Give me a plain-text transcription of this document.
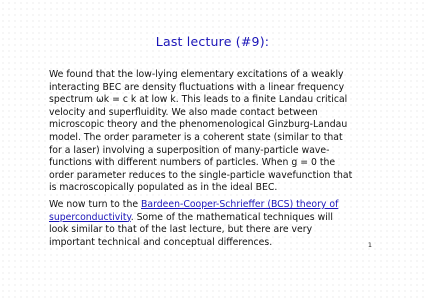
Last lecture (#9):

We found that the low-lying elementary excitations of a weakly
interacting BEC are density fluctuations with a linear frequency
spectrum ωk = c k at low k. This leads to a finite Landau critical
velocity and superfluidity. We also made contact between
microscopic theory and the phenomenological Ginzburg-Landau
model. The order parameter is a coherent state (similar to that
for a laser) involving a superposition of many-particle wave-
functions with different numbers of particles. When g = 0 the
order parameter reduces to the single-particle wavefunction that
is macroscopically populated as in the ideal BEC.

We now turn to the Bardeen-Cooper-Schrieffer (BCS) theory of
superconductivity. Some of the mathematical techniques will
look similar to that of the last lecture, but there are very
important technical and conceptual differences.	1
